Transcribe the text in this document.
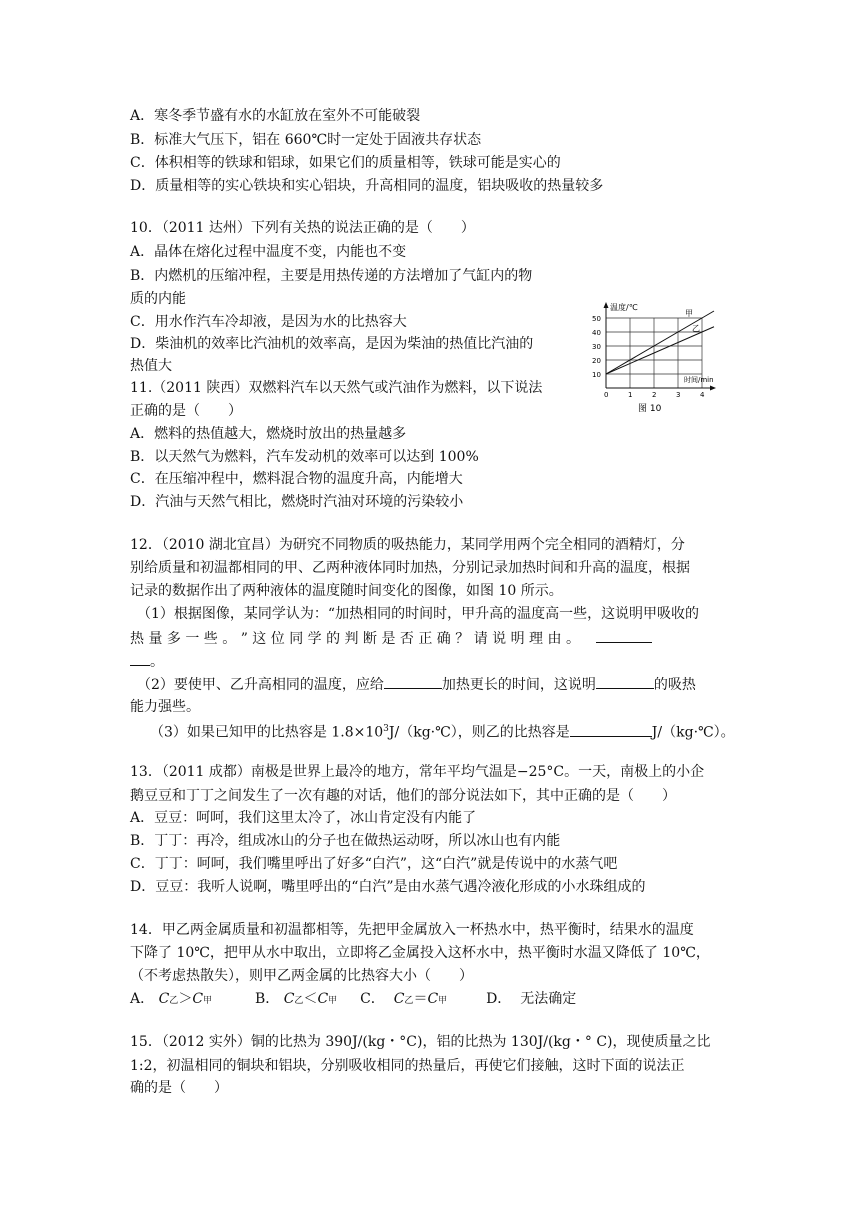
A．寒冬季节盛有水的水缸放在室外不可能破裂
B．标准大气压下，铝在 660℃时一定处于固液共存状态
C．体积相等的铁球和铝球，如果它们的质量相等，铁球可能是实心的
D．质量相等的实心铁块和实心铝块，升高相同的温度，铝块吸收的热量较多
10．（2011 达州）下列有关热的说法正确的是（　　）
A．晶体在熔化过程中温度不变，内能也不变
B．内燃机的压缩冲程，主要是用热传递的方法增加了气缸内的物
质的内能
C．用水作汽车冷却液，是因为水的比热容大
D．柴油机的效率比汽油机的效率高，是因为柴油的热值比汽油的
热值大
11.（2011 陕西）双燃料汽车以天然气或汽油作为燃料，以下说法
正确的是（　　）
A．燃料的热值越大，燃烧时放出的热量越多
B．以天然气为燃料，汽车发动机的效率可以达到 100%
C．在压缩冲程中，燃料混合物的温度升高，内能增大
D．汽油与天然气相比，燃烧时汽油对环境的污染较小
温度/℃
时间/min
50
40
30
20
10
0	1	2	3	4
甲
乙
图 10
12．（2010 湖北宜昌）为研究不同物质的吸热能力，某同学用两个完全相同的酒精灯，分
别给质量和初温都相同的甲、乙两种液体同时加热，分别记录加热时间和升高的温度，根据
记录的数据作出了两种液体的温度随时间变化的图像，如图 10 所示。
（1）根据图像，某同学认为：“加热相同的时间时，甲升高的温度高一些，这说明甲吸收的
热 量 多 一 些 。 ” 这 位 同 学 的 判 断 是 否 正 确 ？ 请 说 明 理 由 。
。
（2）要使甲、乙升高相同的温度，应给	加热更长的时间，这说明	的吸热
能力强些。
（3）如果已知甲的比热容是 $1.8\times 10^3J/(kg\cdot℃)$，则乙的比热容是	J/（kg·℃）。
13．（2011 成都）南极是世界上最冷的地方，常年平均气温是−25°C。一天，南极上的小企
鹅豆豆和丁丁之间发生了一次有趣的对话，他们的部分说法如下，其中正确的是（　　）
A．豆豆：呵呵，我们这里太冷了，冰山肯定没有内能了
B．丁丁：再冷，组成冰山的分子也在做热运动呀，所以冰山也有内能
C．丁丁：呵呵，我们嘴里呼出了好多“白汽”，这“白汽”就是传说中的水蒸气吧
D．豆豆：我听人说啊，嘴里呼出的“白汽”是由水蒸气遇冷液化形成的小水珠组成的
14．甲乙两金属质量和初温都相等，先把甲金属放入一杯热水中，热平衡时，结果水的温度
下降了 10℃，把甲从水中取出，立即将乙金属投入这杯水中，热平衡时水温又降低了 10℃，
（不考虑热散失），则甲乙两金属的比热容大小（　　）
A． C乙＞C甲	B． C乙＜C甲 C． C乙＝C甲	D． 无法确定
15．（2012 实外）铜的比热为 390J/(kg・°C)，铝的比热为 130J/(kg・° C)，现使质量之比
1:2，初温相同的铜块和铝块，分别吸收相同的热量后，再使它们接触，这时下面的说法正
确的是（　　）
